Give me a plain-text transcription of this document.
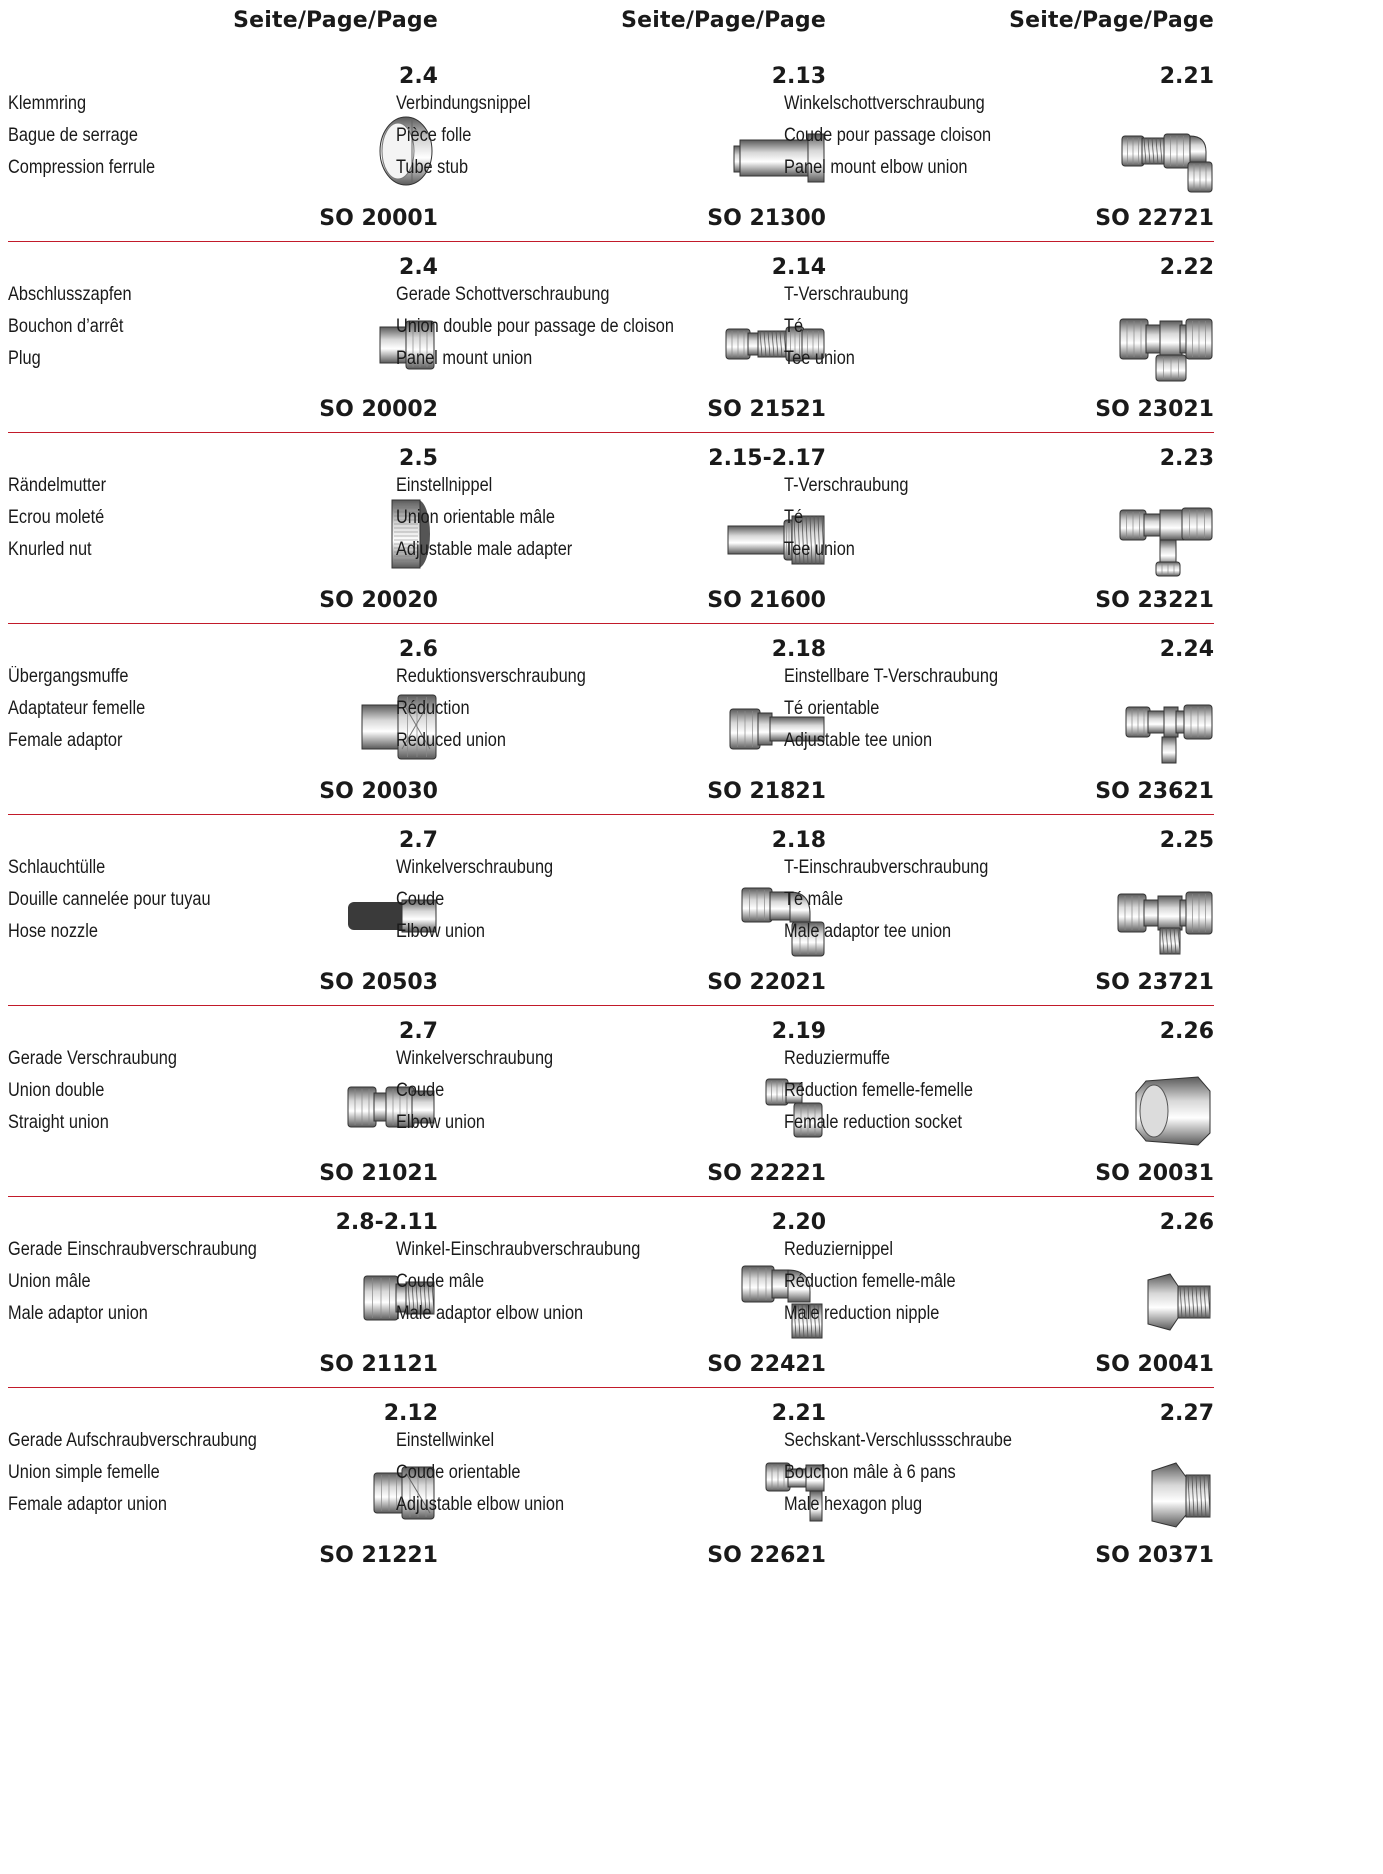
Seite/Page/Page
2.4
Klemmring
Bague de serrage
Compression ferrule
SO 20001
2.4
Abschlusszapfen
Bouchon d’arrêt
Plug
SO 20002
2.5
Rändelmutter
Ecrou moleté
Knurled nut
SO 20020
2.6
Übergangsmuffe
Adaptateur femelle
Female adaptor
SO 20030
2.7
Schlauchtülle
Douille cannelée pour tuyau
Hose nozzle
SO 20503
2.7
Gerade Verschraubung
Union double
Straight union
SO 21021
2.8-2.11
Gerade Einschraubverschraubung
Union mâle
Male adaptor union
SO 21121
2.12
Gerade Aufschraubverschraubung
Union simple femelle
Female adaptor union
SO 21221
Seite/Page/Page
2.13
Verbindungsnippel
Pièce folle
Tube stub
SO 21300
2.14
Gerade Schottverschraubung
Union double pour passage de cloison
Panel mount union
SO 21521
2.15-2.17
Einstellnippel
Union orientable mâle
Adjustable male adapter
SO 21600
2.18
Reduktionsverschraubung
Réduction
Reduced union
SO 21821
2.18
Winkelverschraubung
Coude
Elbow union
SO 22021
2.19
Winkelverschraubung
Coude
Elbow union
SO 22221
2.20
Winkel-Einschraubverschraubung
Coude mâle
Male adaptor elbow union
SO 22421
2.21
Einstellwinkel
Coude orientable
Adjustable elbow union
SO 22621
Seite/Page/Page
2.21
Winkelschottverschraubung
Coude pour passage cloison
Panel mount elbow union
SO 22721
2.22
T-Verschraubung
Té
Tee union
SO 23021
2.23
T-Verschraubung
Té
Tee union
SO 23221
2.24
Einstellbare T-Verschraubung
Té orientable
Adjustable tee union
SO 23621
2.25
T-Einschraubverschraubung
Té mâle
Male adaptor tee union
SO 23721
2.26
Reduziermuffe
Réduction femelle-femelle
Female reduction socket
SO 20031
2.26
Reduziernippel
Réduction femelle-mâle
Male reduction nipple
SO 20041
2.27
Sechskant-Verschlussschraube
Bouchon mâle à 6 pans
Male hexagon plug
SO 20371
